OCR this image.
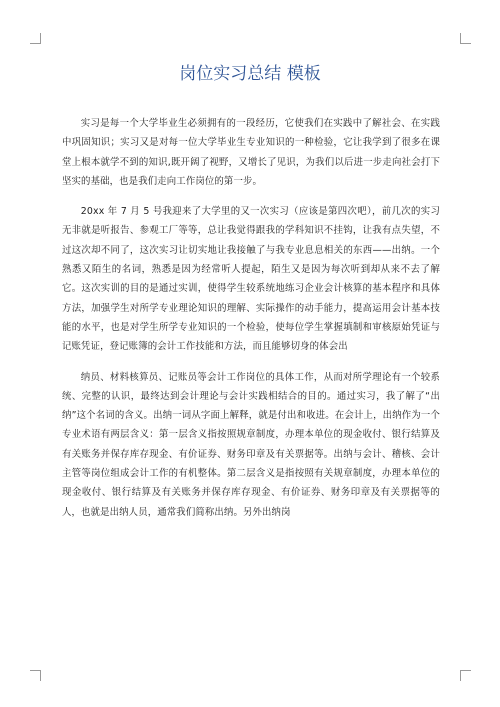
岗位实习总结 模板

实习是每一个大学毕业生必须拥有的一段经历，它使我们在实践中了解社会、在实践中巩固知识；实习又是对每一位大学毕业生专业知识的一种检验，它让我学到了很多在课堂上根本就学不到的知识,既开阔了视野，又增长了见识，为我们以后进一步走向社会打下坚实的基础，也是我们走向工作岗位的第一步。

20xx 年 7 月 5 号我迎来了大学里的又一次实习（应该是第四次吧），前几次的实习无非就是听报告、参观工厂等等，总让我觉得跟我的学科知识不挂钩，让我有点失望，不过这次却不同了，这次实习让切实地让我接触了与我专业息息相关的东西——出纳。一个熟悉又陌生的名词，熟悉是因为经常听人提起，陌生又是因为每次听到却从来不去了解它。这次实训的目的是通过实训，使得学生较系统地练习企业会计核算的基本程序和具体方法，加强学生对所学专业理论知识的理解、实际操作的动手能力，提高运用会计基本技能的水平，也是对学生所学专业知识的一个检验，使每位学生掌握填制和审核原始凭证与记账凭证，登记账簿的会计工作技能和方法，而且能够切身的体会出

纳员、材料核算员、记账员等会计工作岗位的具体工作，从而对所学理论有一个较系统、完整的认识，最终达到会计理论与会计实践相结合的目的。通过实习，我了解了“出纳”这个名词的含义。出纳一词从字面上解释，就是付出和收进。在会计上，出纳作为一个专业术语有两层含义：第一层含义指按照规章制度，办理本单位的现金收付、银行结算及有关账务并保存库存现金、有价证券、财务印章及有关票据等。出纳与会计、稽核、会计主管等岗位组成会计工作的有机整体。第二层含义是指按照有关规章制度，办理本单位的现金收付、银行结算及有关账务并保存库存现金、有价证券、财务印章及有关票据等的人，也就是出纳人员，通常我们简称出纳。另外出纳岗
